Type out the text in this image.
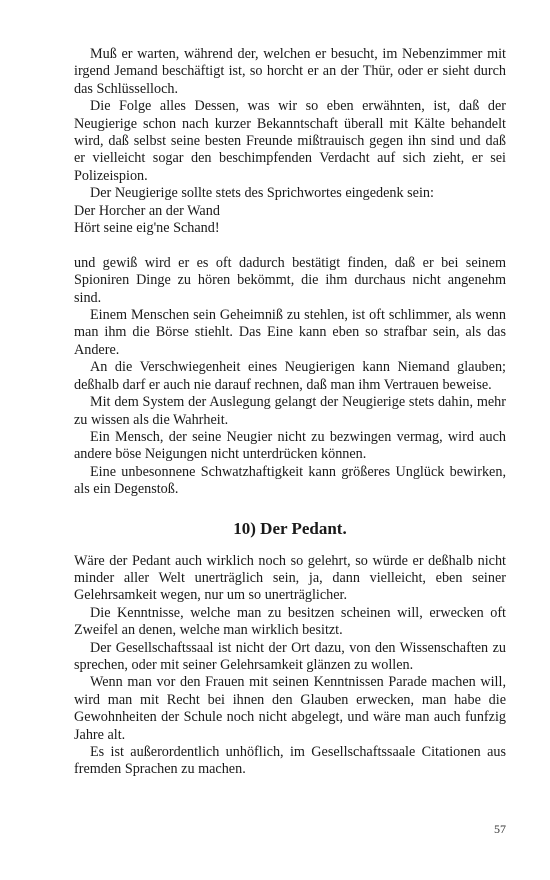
Muß er warten, während der, welchen er besucht, im Nebenzimmer mit irgend Jemand beschäftigt ist, so horcht er an der Thür, oder er sieht durch das Schlüsselloch.

Die Folge alles Dessen, was wir so eben erwähnten, ist, daß der Neugierige schon nach kurzer Bekanntschaft überall mit Kälte behandelt wird, daß selbst seine besten Freunde mißtrauisch gegen ihn sind und daß er vielleicht sogar den beschimpfenden Verdacht auf sich zieht, er sei Polizeispion.

Der Neugierige sollte stets des Sprichwortes eingedenk sein:

Der Horcher an der Wand

Hört seine eig'ne Schand!

und gewiß wird er es oft dadurch bestätigt finden, daß er bei seinem Spioniren Dinge zu hören bekömmt, die ihm durchaus nicht angenehm sind.

Einem Menschen sein Geheimniß zu stehlen, ist oft schlimmer, als wenn man ihm die Börse stiehlt. Das Eine kann eben so strafbar sein, als das Andere.

An die Verschwiegenheit eines Neugierigen kann Niemand glauben; deßhalb darf er auch nie darauf rechnen, daß man ihm Vertrauen beweise.

Mit dem System der Auslegung gelangt der Neugierige stets dahin, mehr zu wissen als die Wahrheit.

Ein Mensch, der seine Neugier nicht zu bezwingen vermag, wird auch andere böse Neigungen nicht unterdrücken können.

Eine unbesonnene Schwatzhaftigkeit kann größeres Unglück bewirken, als ein Degenstoß.

10) Der Pedant.

Wäre der Pedant auch wirklich noch so gelehrt, so würde er deßhalb nicht minder aller Welt unerträglich sein, ja, dann vielleicht, eben seiner Gelehrsamkeit wegen, nur um so unerträglicher.

Die Kenntnisse, welche man zu besitzen scheinen will, erwecken oft Zweifel an denen, welche man wirklich besitzt.

Der Gesellschaftssaal ist nicht der Ort dazu, von den Wissenschaften zu sprechen, oder mit seiner Gelehrsamkeit glänzen zu wollen.

Wenn man vor den Frauen mit seinen Kenntnissen Parade machen will, wird man mit Recht bei ihnen den Glauben erwecken, man habe die Gewohnheiten der Schule noch nicht abgelegt, und wäre man auch funfzig Jahre alt.

Es ist außerordentlich unhöflich, im Gesellschaftssaale Citationen aus fremden Sprachen zu machen.

57
